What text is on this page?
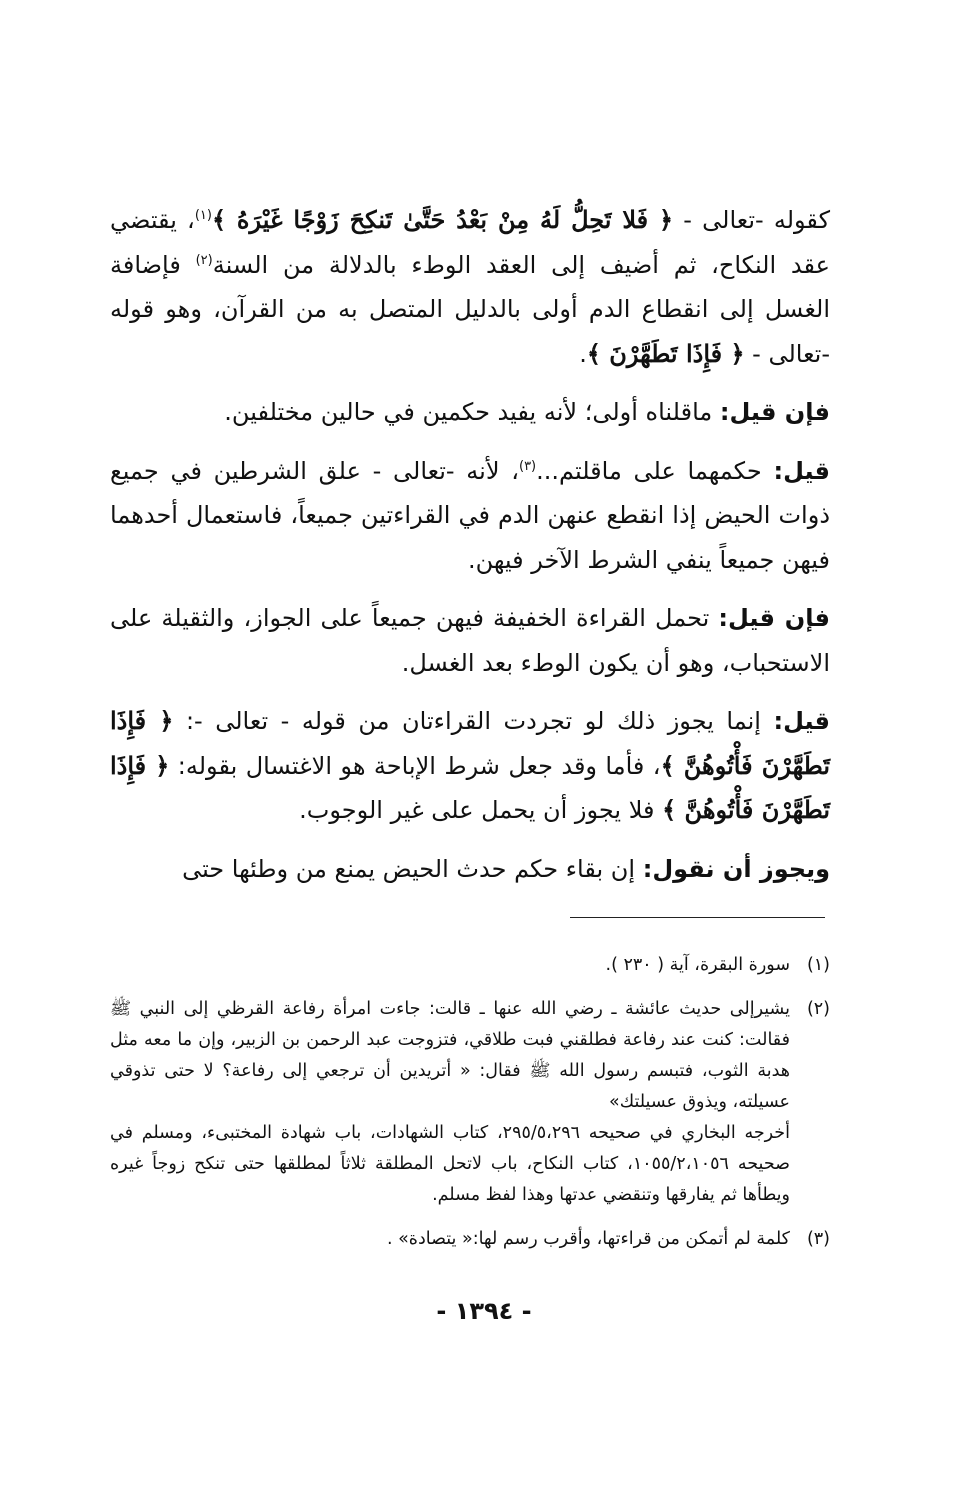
كقوله -تعالى - ﴿ فَلا تَحِلُّ لَهُ مِنْ بَعْدُ حَتَّىٰ تَنكِحَ زَوْجًا غَيْرَهُ ﴾$^{(١)}$، يقتضي عقد النكاح، ثم أضيف إلى العقد الوطء بالدلالة من السنة$^{(٢)}$ فإضافة الغسل إلى انقطاع الدم أولى بالدليل المتصل به من القرآن، وهو قوله -تعالى - ﴿ فَإِذَا تَطَهَّرْنَ ﴾.

فإن قيل: ماقلناه أولى؛ لأنه يفيد حكمين في حالين مختلفين.

قيل: حكمهما على ماقلتم...$^{(٣)}$، لأنه -تعالى - علق الشرطين في جميع ذوات الحيض إذا انقطع عنهن الدم في القراءتين جميعاً، فاستعمال أحدهما فيهن جميعاً ينفي الشرط الآخر فيهن.

فإن قيل: تحمل القراءة الخفيفة فيهن جميعاً على الجواز، والثقيلة على الاستحباب، وهو أن يكون الوطء بعد الغسل.

قيل: إنما يجوز ذلك لو تجردت القراءتان من قوله - تعالى -: ﴿ فَإِذَا تَطَهَّرْنَ فَأْتُوهُنَّ ﴾، فأما وقد جعل شرط الإباحة هو الاغتسال بقوله: ﴿ فَإِذَا تَطَهَّرْنَ فَأْتُوهُنَّ ﴾ فلا يجوز أن يحمل على غير الوجوب.

ويجوز أن نقول: إن بقاء حكم حدث الحيض يمنع من وطئها حتى

(١)

سورة البقرة، آية ( ٢٣٠ ).

(٢)

يشيرإلى حديث عائشة ـ رضي الله عنها ـ قالت: جاءت امرأة رفاعة القرظي إلى النبي ﷺ فقالت: كنت عند رفاعة فطلقني فبت طلاقي، فتزوجت عبد الرحمن بن الزبير، وإن ما معه مثل هدبة الثوب، فتبسم رسول الله ﷺ فقال: « أتريدين أن ترجعي إلى رفاعة؟ لا حتى تذوقي عسيلته، ويذوق عسيلتك»

أخرجه البخاري في صحيحه ٢٩٥/٥،٢٩٦، كتاب الشهادات، باب شهادة المختبىء، ومسلم في صحيحه ١٠٥٥/٢،١٠٥٦، كتاب النكاح، باب لاتحل المطلقة ثلاثاً لمطلقها حتى تنكح زوجاً غيره ويطأها ثم يفارقها وتنقضي عدتها وهذا لفظ مسلم.

(٣)

كلمة لم أتمكن من قراءتها، وأقرب رسم لها:« يتصادة» .

- ١٣٩٤ -
